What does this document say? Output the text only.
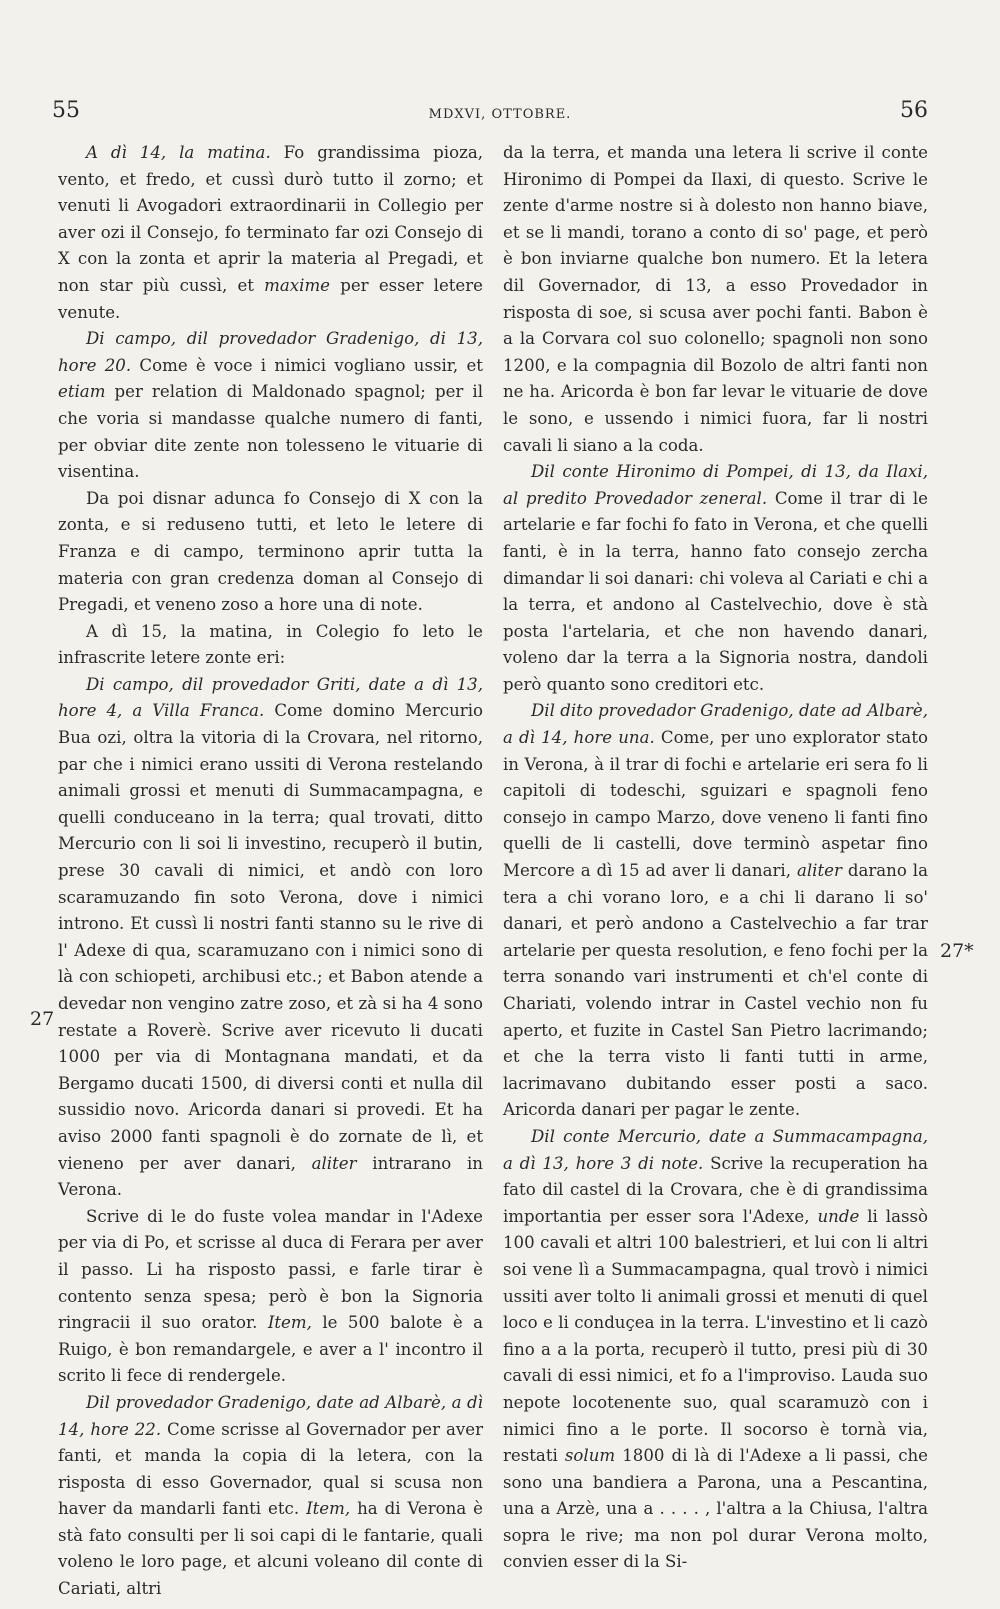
55	MDXVI, OTTOBRE.	56
27
27*

A dì 14, la matina. Fo grandissima pioza, vento, et fredo, et cussì durò tutto il zorno; et venuti li Avogadori extraordinarii in Collegio per aver ozi il Consejo, fo terminato far ozi Consejo di X con la zonta et aprir la materia al Pregadi, et non star più cussì, et maxime per esser letere venute.

Di campo, dil provedador Gradenigo, di 13, hore 20. Come è voce i nimici vogliano ussir, et etiam per relation di Maldonado spagnol; per il che voria si mandasse qualche numero di fanti, per obviar dite zente non tolesseno le vituarie di visentina.

Da poi disnar adunca fo Consejo di X con la zonta, e si reduseno tutti, et leto le letere di Franza e di campo, terminono aprir tutta la materia con gran credenza doman al Consejo di Pregadi, et veneno zoso a hore una di note.

A dì 15, la matina, in Colegio fo leto le infrascrite letere zonte eri:

Di campo, dil provedador Griti, date a dì 13, hore 4, a Villa Franca. Come domino Mercurio Bua ozi, oltra la vitoria di la Crovara, nel ritorno, par che i nimici erano ussiti di Verona restelando animali grossi et menuti di Summacampagna, e quelli conduceano in la terra; qual trovati, ditto Mercurio con li soi li investino, recuperò il butin, prese 30 cavali di nimici, et andò con loro scaramuzando fin soto Verona, dove i nimici introno. Et cussì li nostri fanti stanno su le rive di l' Adexe di qua, scaramuzano con i nimici sono di là con schiopeti, archibusi etc.; et Babon atende a devedar non vengino zatre zoso, et zà si ha 4 sono restate a Roverè. Scrive aver ricevuto li ducati 1000 per via di Montagnana mandati, et da Bergamo ducati 1500, di diversi conti et nulla dil sussidio novo. Aricorda danari si provedi. Et ha aviso 2000 fanti spagnoli è do zornate de lì, et vieneno per aver danari, aliter intrarano in Verona.

Scrive di le do fuste volea mandar in l'Adexe per via di Po, et scrisse al duca di Ferara per aver il passo. Li ha risposto passi, e farle tirar è contento senza spesa; però è bon la Signoria ringracii il suo orator. Item, le 500 balote è a Ruigo, è bon remandargele, e aver a l' incontro il scrito li fece di rendergele.

Dil provedador Gradenigo, date ad Albarè, a dì 14, hore 22. Come scrisse al Governador per aver fanti, et manda la copia di la letera, con la risposta di esso Governador, qual si scusa non haver da mandarli fanti etc. Item, ha di Verona è stà fato consulti per li soi capi di le fantarie, quali voleno le loro page, et alcuni voleano dil conte di Cariati, altri

da la terra, et manda una letera li scrive il conte Hironimo di Pompei da Ilaxi, di questo. Scrive le zente d'arme nostre si à dolesto non hanno biave, et se li mandi, torano a conto di so' page, et però è bon inviarne qualche bon numero. Et la letera dil Governador, di 13, a esso Provedador in risposta di soe, si scusa aver pochi fanti. Babon è a la Corvara col suo colonello; spagnoli non sono 1200, e la compagnia dil Bozolo de altri fanti non ne ha. Aricorda è bon far levar le vituarie de dove le sono, e ussendo i nimici fuora, far li nostri cavali li siano a la coda.

Dil conte Hironimo di Pompei, di 13, da Ilaxi, al predito Provedador zeneral. Come il trar di le artelarie e far fochi fo fato in Verona, et che quelli fanti, è in la terra, hanno fato consejo zercha dimandar li soi danari: chi voleva al Cariati e chi a la terra, et andono al Castelvechio, dove è stà posta l'artelaria, et che non havendo danari, voleno dar la terra a la Signoria nostra, dandoli però quanto sono creditori etc.

Dil dito provedador Gradenigo, date ad Albarè, a dì 14, hore una. Come, per uno explorator stato in Verona, à il trar di fochi e artelarie eri sera fo li capitoli di todeschi, sguizari e spagnoli feno consejo in campo Marzo, dove veneno li fanti fino quelli de li castelli, dove terminò aspetar fino Mercore a dì 15 ad aver li danari, aliter darano la tera a chi vorano loro, e a chi li darano li so' danari, et però andono a Castelvechio a far trar artelarie per questa resolution, e feno fochi per la terra sonando vari instrumenti et ch'el conte di Chariati, volendo intrar in Castel vechio non fu aperto, et fuzite in Castel San Pietro lacrimando; et che la terra visto li fanti tutti in arme, lacrimavano dubitando esser posti a saco. Aricorda danari per pagar le zente.

Dil conte Mercurio, date a Summacampagna, a dì 13, hore 3 di note. Scrive la recuperation ha fato dil castel di la Crovara, che è di grandissima importantia per esser sora l'Adexe, unde li lassò 100 cavali et altri 100 balestrieri, et lui con li altri soi vene lì a Summacampagna, qual trovò i nimici ussiti aver tolto li animali grossi et menuti di quel loco e li conduçea in la terra. L'investino et li cazò fino a a la porta, recuperò il tutto, presi più di 30 cavali di essi nimici, et fo a l'improviso. Lauda suo nepote locotenente suo, qual scaramuzò con i nimici fino a le porte. Il socorso è tornà via, restati solum 1800 di là di l'Adexe a li passi, che sono una bandiera a Parona, una a Pescantina, una a Arzè, una a . . . . , l'altra a la Chiusa, l'altra sopra le rive; ma non pol durar Verona molto, convien esser di la Si-
